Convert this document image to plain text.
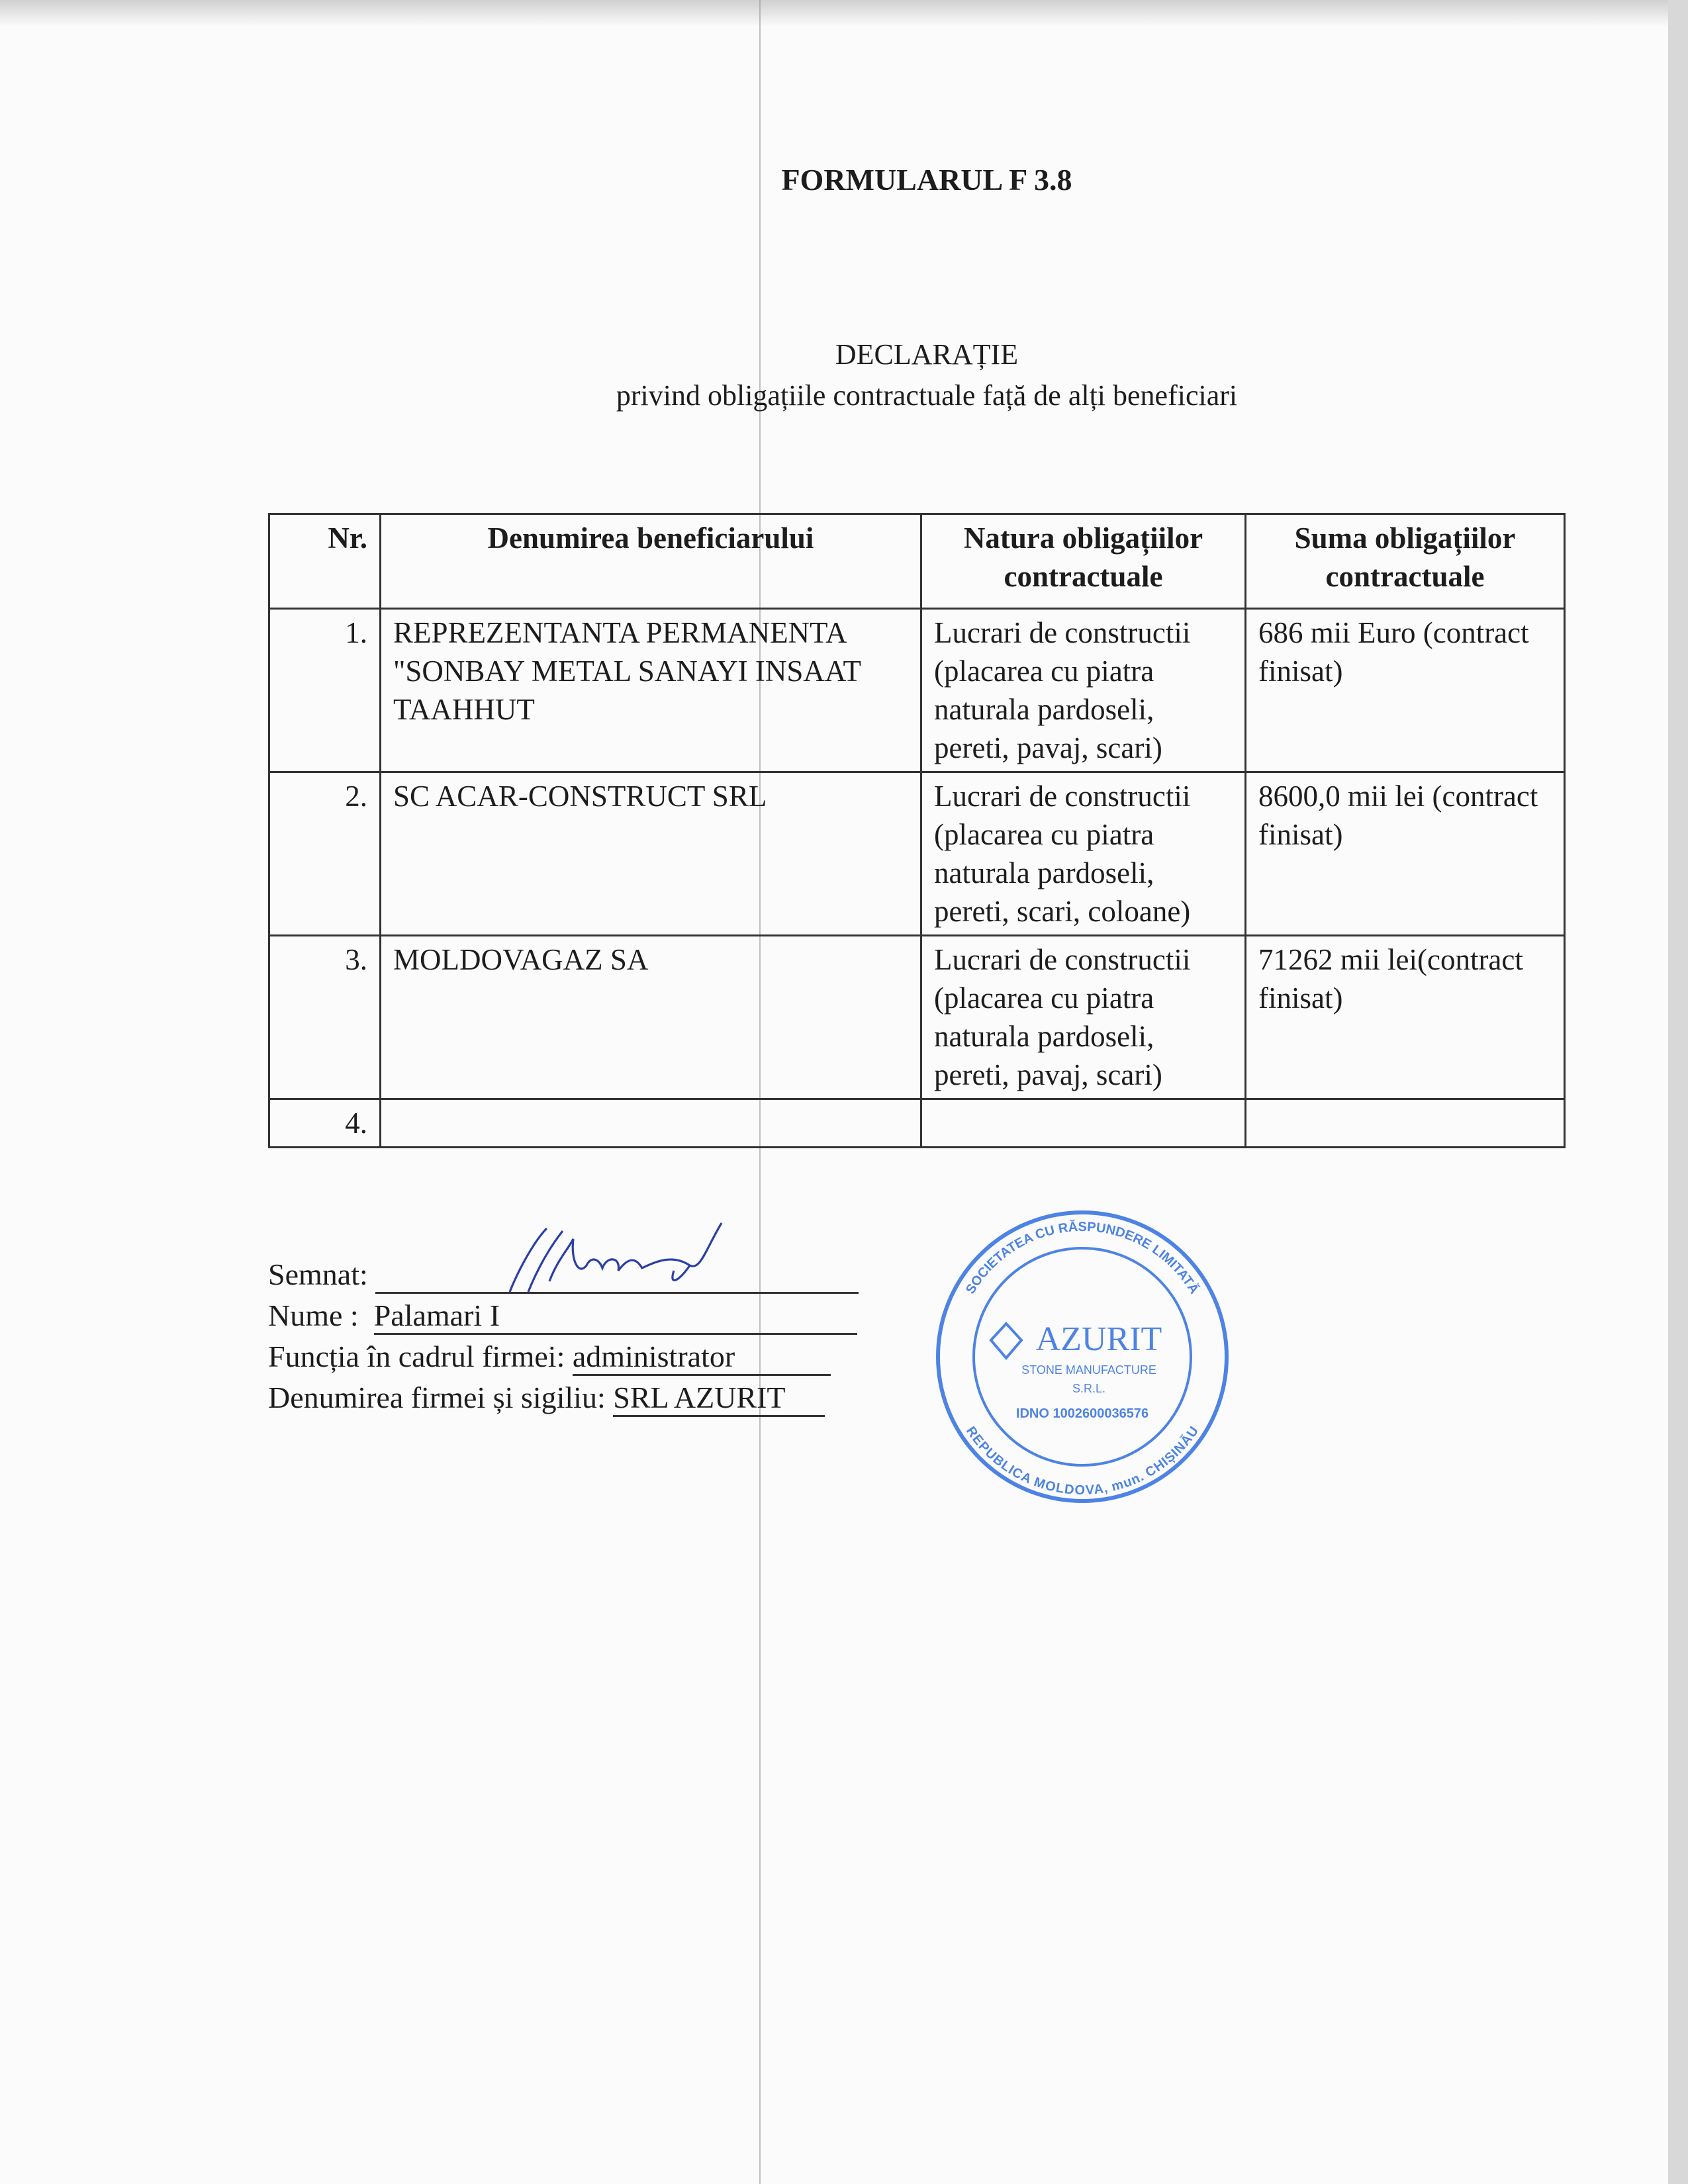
FORMULARUL F 3.8
DECLARAȚIE
privind obligațiile contractuale față de alți beneficiari
Nr.	Denumirea beneficiarului	Natura obligațiilor contractuale	Suma obligațiilor contractuale
1.	REPREZENTANTA PERMANENTA "SONBAY METAL SANAYI INSAAT TAAHHUT	Lucrari de constructii (placarea cu piatra naturala pardoseli, pereti, pavaj, scari)	686 mii Euro (contract finisat)
2.	SC ACAR-CONSTRUCT SRL	Lucrari de constructii (placarea cu piatra naturala pardoseli, pereti, scari, coloane)	8600,0 mii lei (contract finisat)
3.	MOLDOVAGAZ SA	Lucrari de constructii (placarea cu piatra naturala pardoseli, pereti, pavaj, scari)	71262 mii lei(contract finisat)
4.			
Semnat:
Nume : Palamari I
Funcția în cadrul firmei: administrator
Denumirea firmei și sigiliu: SRL AZURIT
SOCIETATEA CU RĂSPUNDERE LIMITATĂ
REPUBLICA MOLDOVA, mun. CHIȘINĂU
AZURIT
STONE MANUFACTURE
S.R.L.
IDNO 1002600036576
